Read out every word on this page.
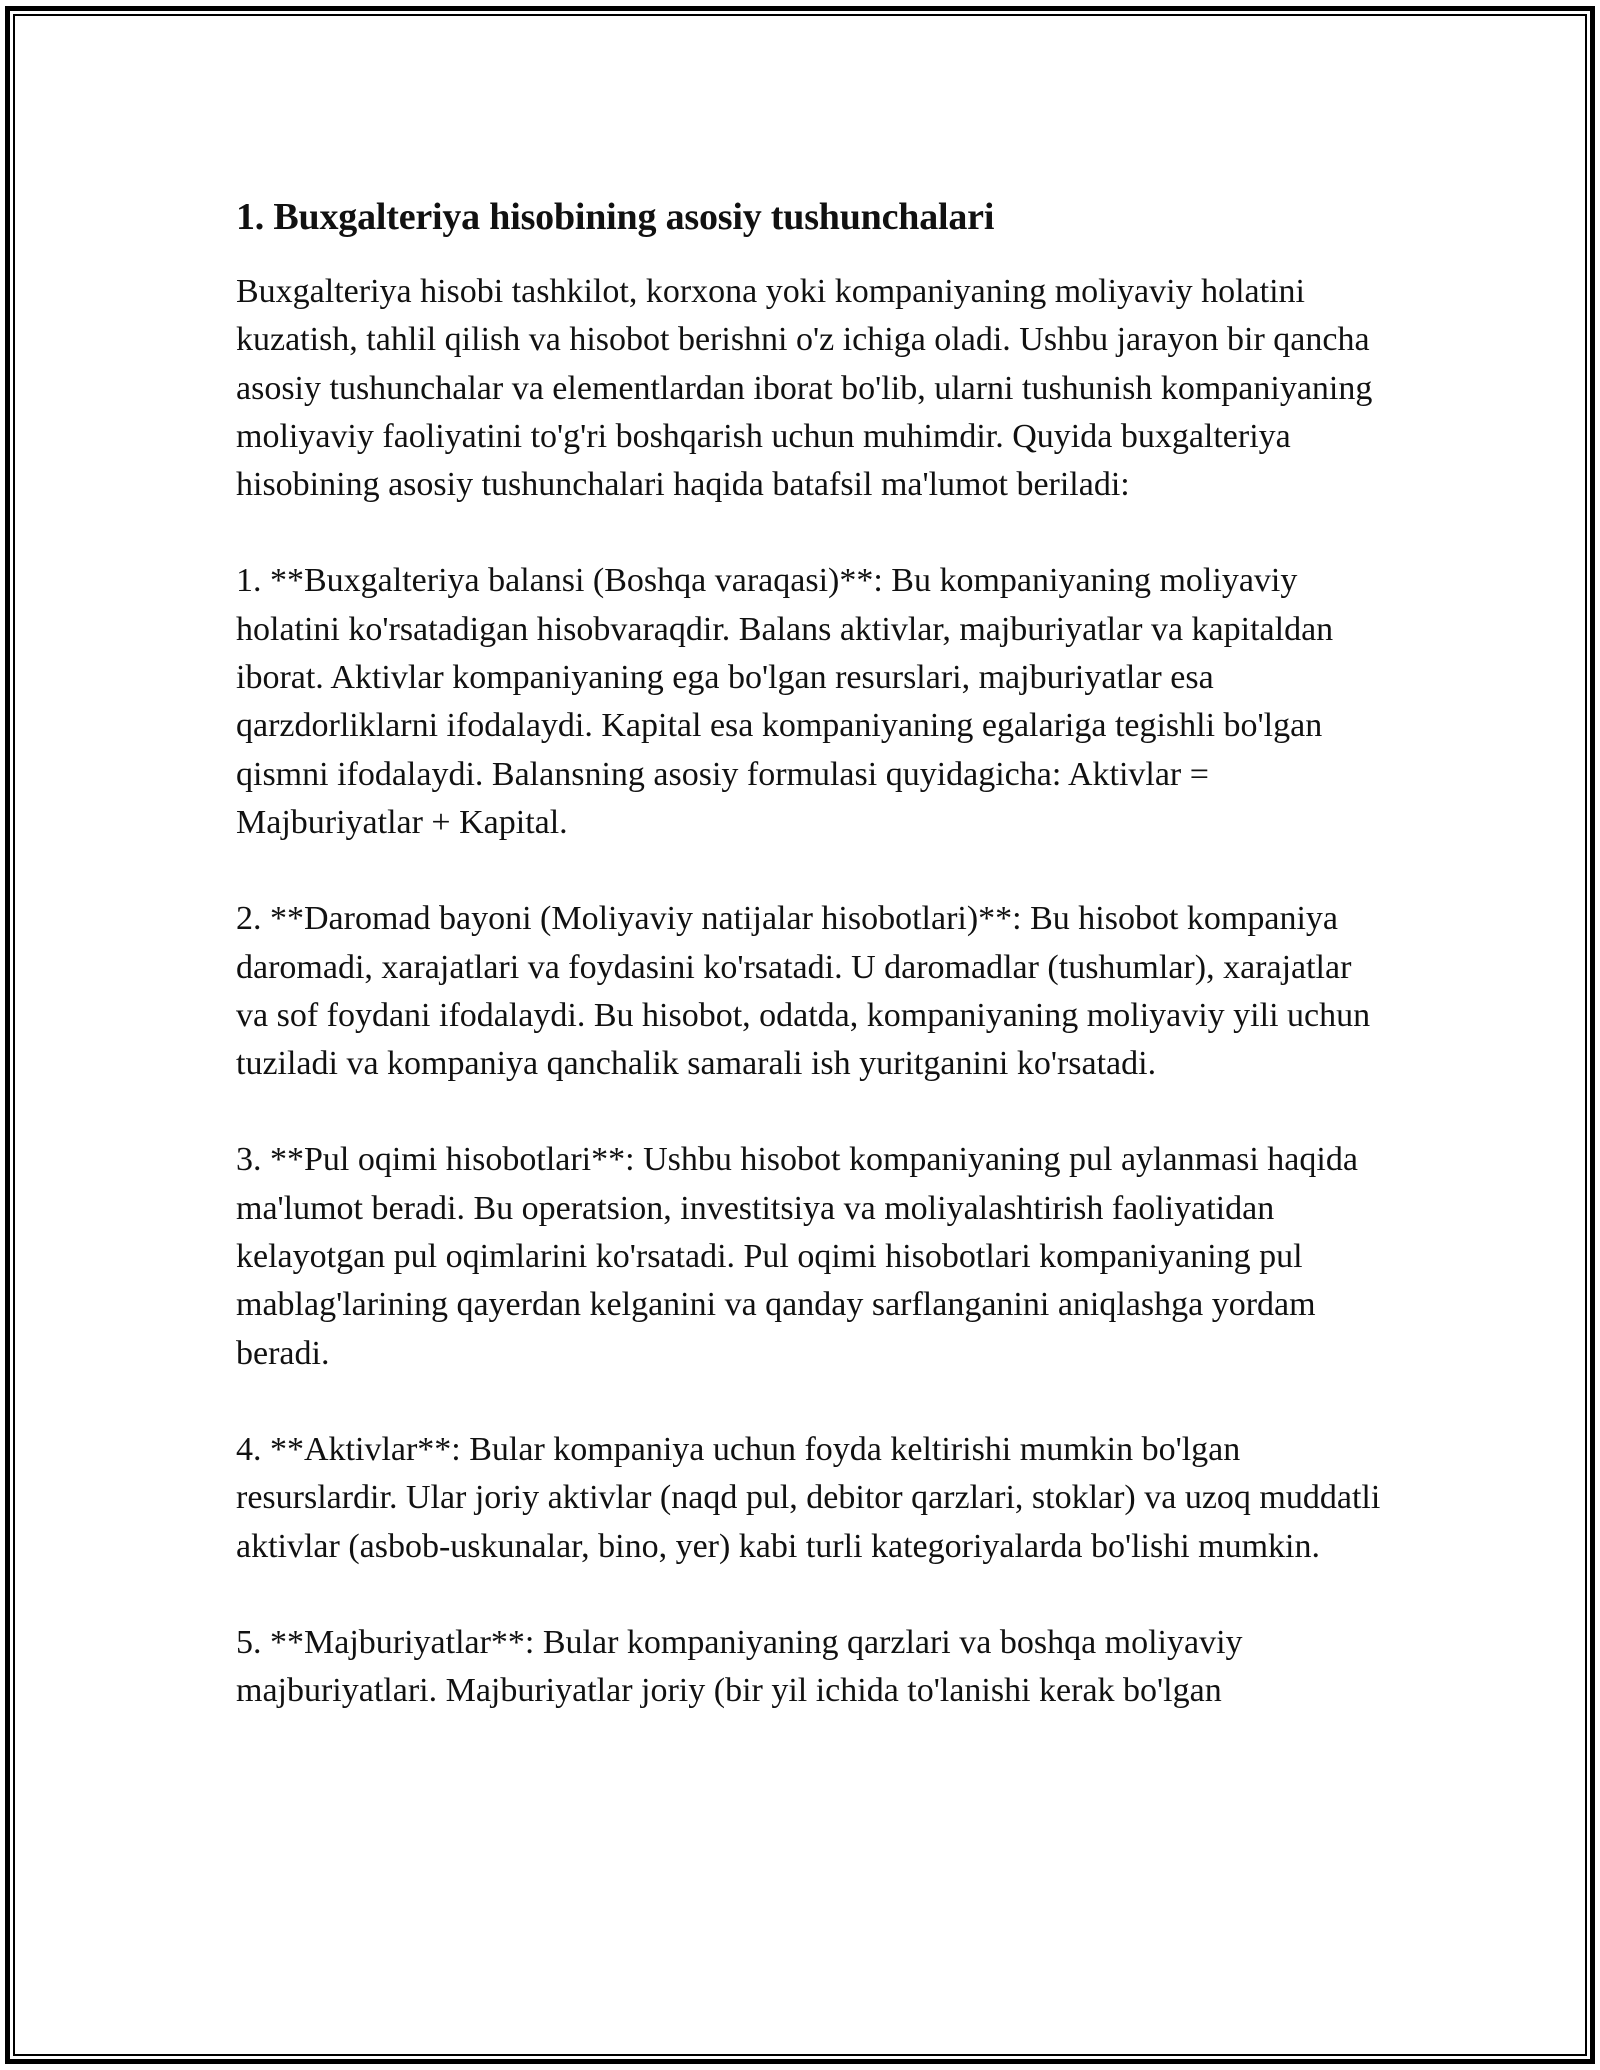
1. Buxgalteriya hisobining asosiy tushunchalari

Buxgalteriya hisobi tashkilot, korxona yoki kompaniyaning moliyaviy holatini kuzatish, tahlil qilish va hisobot berishni o'z ichiga oladi. Ushbu jarayon bir qancha asosiy tushunchalar va elementlardan iborat bo'lib, ularni tushunish kompaniyaning moliyaviy faoliyatini to'g'ri boshqarish uchun muhimdir. Quyida buxgalteriya hisobining asosiy tushunchalari haqida batafsil ma'lumot beriladi:

1. **Buxgalteriya balansi (Boshqa varaqasi)**: Bu kompaniyaning moliyaviy holatini ko'rsatadigan hisobvaraqdir. Balans aktivlar, majburiyatlar va kapitaldan iborat. Aktivlar kompaniyaning ega bo'lgan resurslari, majburiyatlar esa qarzdorliklarni ifodalaydi. Kapital esa kompaniyaning egalariga tegishli bo'lgan qismni ifodalaydi. Balansning asosiy formulasi quyidagicha: Aktivlar = Majburiyatlar + Kapital.

2. **Daromad bayoni (Moliyaviy natijalar hisobotlari)**: Bu hisobot kompaniya daromadi, xarajatlari va foydasini ko'rsatadi. U daromadlar (tushumlar), xarajatlar va sof foydani ifodalaydi. Bu hisobot, odatda, kompaniyaning moliyaviy yili uchun tuziladi va kompaniya qanchalik samarali ish yuritganini ko'rsatadi.

3. **Pul oqimi hisobotlari**: Ushbu hisobot kompaniyaning pul aylanmasi haqida ma'lumot beradi. Bu operatsion, investitsiya va moliyalashtirish faoliyatidan kelayotgan pul oqimlarini ko'rsatadi. Pul oqimi hisobotlari kompaniyaning pul mablag'larining qayerdan kelganini va qanday sarflanganini aniqlashga yordam beradi.

4. **Aktivlar**: Bular kompaniya uchun foyda keltirishi mumkin bo'lgan resurslardir. Ular joriy aktivlar (naqd pul, debitor qarzlari, stoklar) va uzoq muddatli aktivlar (asbob-uskunalar, bino, yer) kabi turli kategoriyalarda bo'lishi mumkin.

5. **Majburiyatlar**: Bular kompaniyaning qarzlari va boshqa moliyaviy majburiyatlari. Majburiyatlar joriy (bir yil ichida to'lanishi kerak bo'lgan
